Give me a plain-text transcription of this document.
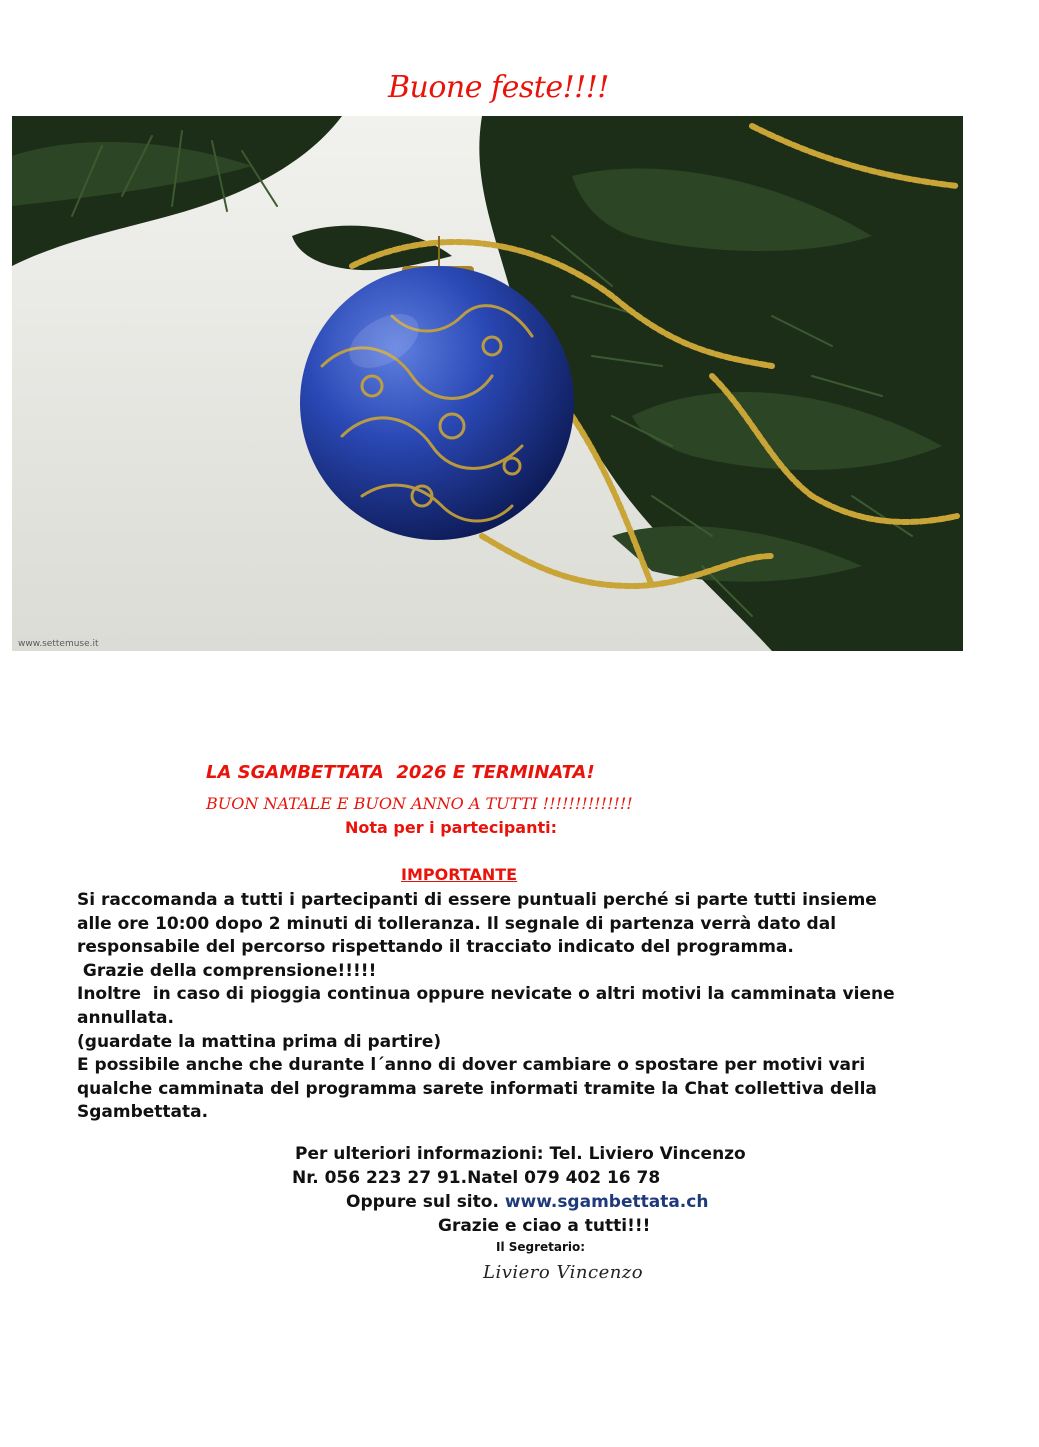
Buone feste!!!!
www.settemuse.it
LA SGAMBETTATA  2026 E TERMINATA!
BUON NATALE E BUON ANNO A TUTTI !!!!!!!!!!!!!!
Nota per i partecipanti:
IMPORTANTE
Si raccomanda a tutti i partecipanti di essere puntuali perché si parte tutti insieme
alle ore 10:00 dopo 2 minuti di tolleranza. Il segnale di partenza verrà dato dal
responsabile del percorso rispettando il tracciato indicato del programma.
Grazie della comprensione!!!!!
Inoltre  in caso di pioggia continua oppure nevicate o altri motivi la camminata viene
annullata.
(guardate la mattina prima di partire)
E possibile anche che durante l´anno di dover cambiare o spostare per motivi vari
qualche camminata del programma sarete informati tramite la Chat collettiva della
Sgambettata.
Per ulteriori informazioni: Tel. Liviero Vincenzo
Nr. 056 223 27 91.Natel 079 402 16 78
Oppure sul sito. www.sgambettata.ch
Grazie e ciao a tutti!!!
Il Segretario:
Liviero Vincenzo
